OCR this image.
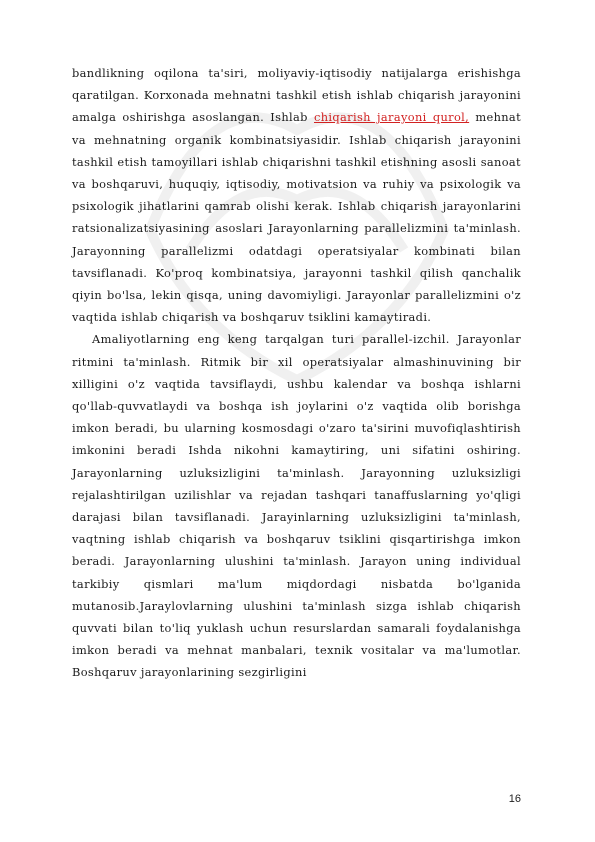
bandlikning oqilona ta'siri, moliyaviy-iqtisodiy natijalarga erishishga qaratilgan. Korxonada mehnatni tashkil etish ishlab chiqarish jarayonini amalga oshirishga asoslangan. Ishlab chiqarish jarayoni qurol, mehnat va mehnatning organik kombinatsiyasidir. Ishlab chiqarish jarayonini tashkil etish tamoyillari ishlab chiqarishni tashkil etishning asosli sanoat va boshqaruvi, huquqiy, iqtisodiy, motivatsion va ruhiy va psixologik va psixologik jihatlarini qamrab olishi kerak. Ishlab chiqarish jarayonlarini ratsionalizatsiyasining asoslari Jarayonlarning parallelizmini ta'minlash. Jarayonning parallelizmi odatdagi operatsiyalar kombinati bilan tavsiflanadi. Ko'proq kombinatsiya, jarayonni tashkil qilish qanchalik qiyin bo'lsa, lekin qisqa, uning davomiyligi. Jarayonlar parallelizmini o'z vaqtida ishlab chiqarish va boshqaruv tsiklini kamaytiradi.

Amaliyotlarning eng keng tarqalgan turi parallel-izchil. Jarayonlar ritmini ta'minlash. Ritmik bir xil operatsiyalar almashinuvining bir xilligini o'z vaqtida tavsiflaydi, ushbu kalendar va boshqa ishlarni qo'llab-quvvatlaydi va boshqa ish joylarini o'z vaqtida olib borishga imkon beradi, bu ularning kosmosdagi o'zaro ta'sirini muvofiqlashtirish imkonini beradi Ishda nikohni kamaytiring, uni sifatini oshiring. Jarayonlarning uzluksizligini ta'minlash. Jarayonning uzluksizligi rejalashtirilgan uzilishlar va rejadan tashqari tanaffuslarning yo'qligi darajasi bilan tavsiflanadi. Jarayinlarning uzluksizligini ta'minlash, vaqtning ishlab chiqarish va boshqaruv tsiklini qisqartirishga imkon beradi. Jarayonlarning ulushini ta'minlash. Jarayon uning individual tarkibiy qismlari ma'lum miqdordagi nisbatda bo'lganida mutanosib.Jaraylovlarning ulushini ta'minlash sizga ishlab chiqarish quvvati bilan to'liq yuklash uchun resurslardan samarali foydalanishga imkon beradi va mehnat manbalari, texnik vositalar va ma'lumotlar. Boshqaruv jarayonlarining sezgirligini

16
